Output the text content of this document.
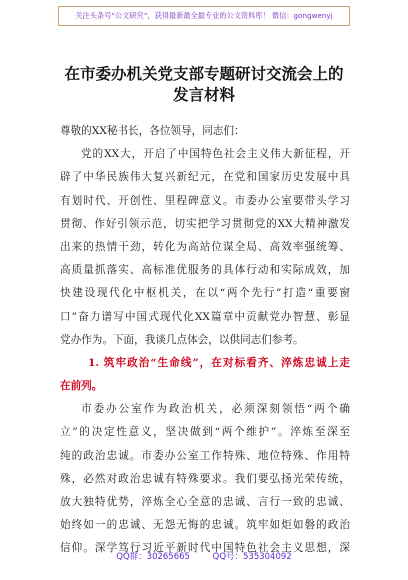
关注头条号“公文研究”，获得最新最全最专业的公文资料库！ 微信：gongwenyj
在市委办机关党支部专题研讨交流会上的
发言材料
尊敬的XX秘书长，各位领导，同志们：
党的XX大，开启了中国特色社会主义伟大新征程，开
辟了中华民族伟大复兴新纪元，在党和国家历史发展中具
有划时代、开创性、里程碑意义。市委办公室要带头学习
贯彻、作好引领示范，切实把学习贯彻党的XX大精神激发
出来的热情干劲，转化为高站位谋全局、高效率强统筹、
高质量抓落实、高标准优服务的具体行动和实际成效，加
快建设现代化中枢机关，在以“两个先行”打造“重要窗
口”奋力谱写中国式现代化XX篇章中贡献党办智慧、彰显
党办作为。下面，我谈几点体会，以供同志们参考。
1. 筑牢政治“生命线”，在对标看齐、淬炼忠诚上走
在前列。
市委办公室作为政治机关，必须深刻领悟“两个确
立”的决定性意义，坚决做到“两个维护”。淬炼至深至
纯的政治忠诚。市委办公室工作特殊、地位特殊、作用特
殊，必然对政治忠诚有特殊要求。我们要弘扬光荣传统，
放大独特优势，淬炼全心全意的忠诚、言行一致的忠诚、
始终如一的忠诚、无怨无悔的忠诚。筑牢如炬如磐的政治
信仰。深学笃行习近平新时代中国特色社会主义思想，深
QQ群：30265665	QQ号：535304092
